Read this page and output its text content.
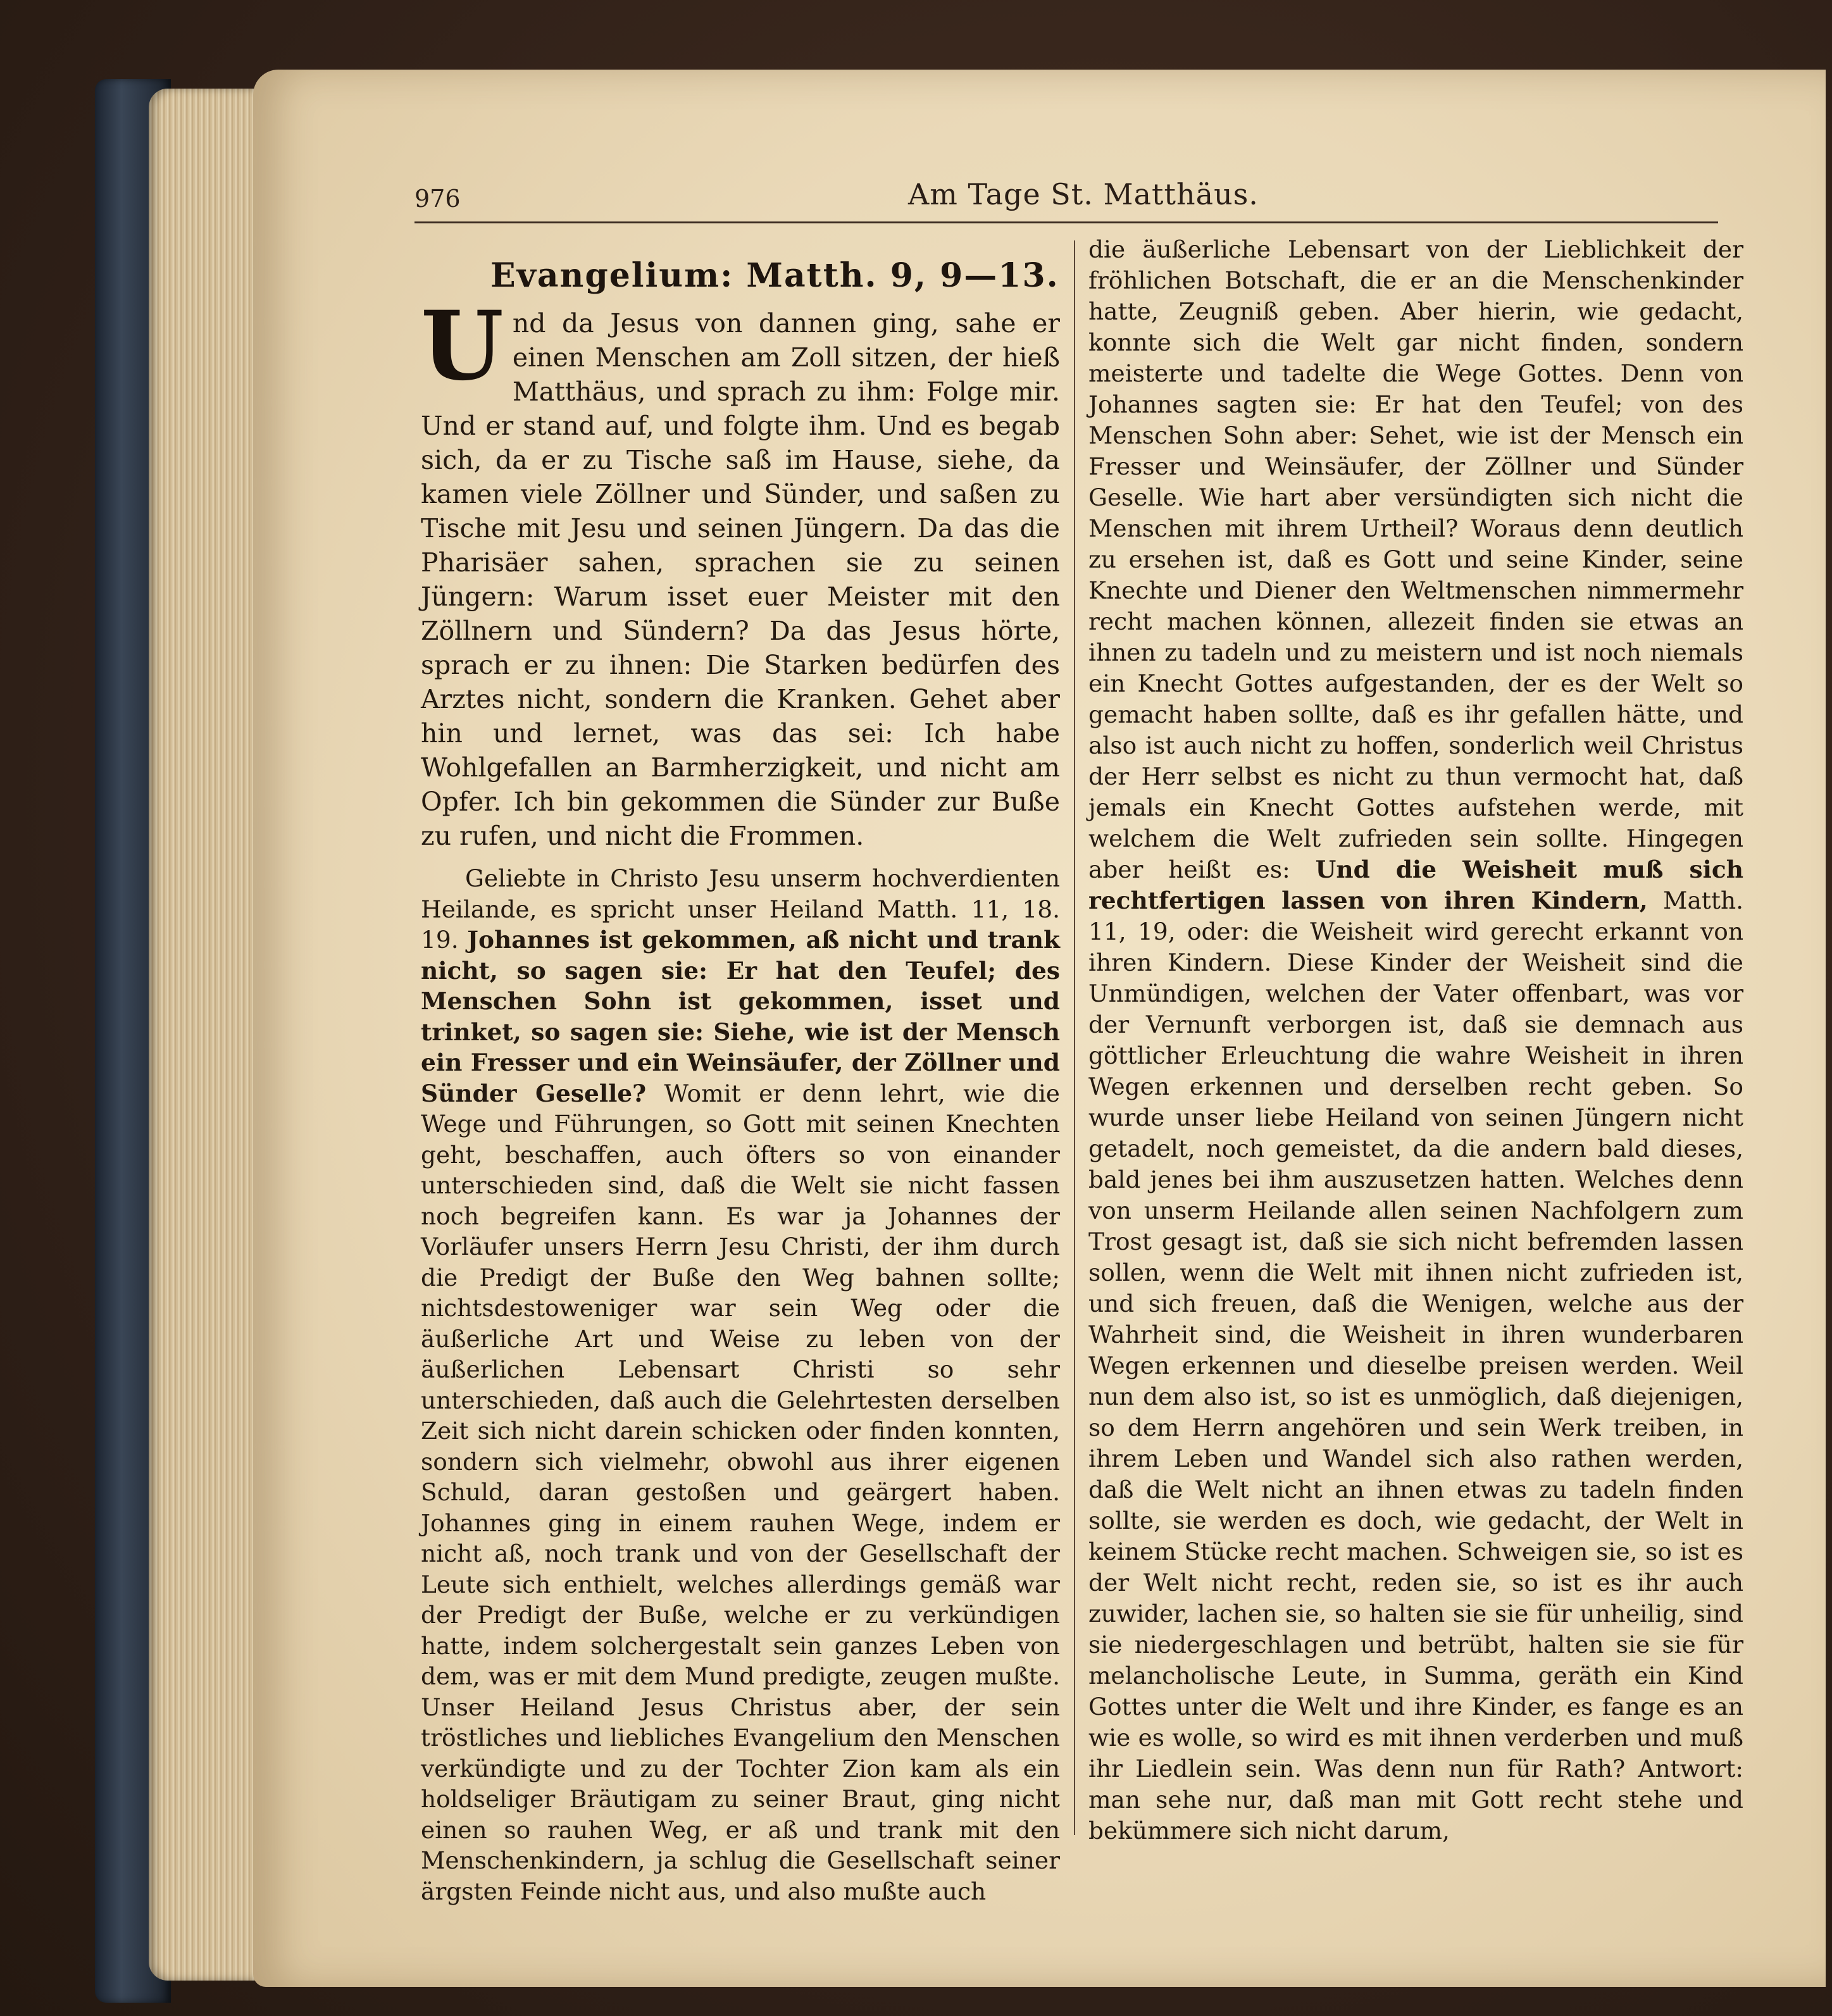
976	Am Tage St. Matthäus.
Evangelium: Matth. 9, 9—13.

Und da Jesus von dannen ging, sahe er einen Menschen am Zoll sitzen, der hieß Matthäus, und sprach zu ihm: Folge mir. Und er stand auf, und folgte ihm. Und es begab sich, da er zu Tische saß im Hause, siehe, da kamen viele Zöllner und Sünder, und saßen zu Tische mit Jesu und seinen Jüngern. Da das die Pharisäer sahen, sprachen sie zu seinen Jüngern: Warum isset euer Meister mit den Zöllnern und Sündern? Da das Jesus hörte, sprach er zu ihnen: Die Starken bedürfen des Arztes nicht, sondern die Kranken. Gehet aber hin und lernet, was das sei: Ich habe Wohlgefallen an Barmherzigkeit, und nicht am Opfer. Ich bin gekommen die Sünder zur Buße zu rufen, und nicht die Frommen.

Geliebte in Christo Jesu unserm hochverdienten Heilande, es spricht unser Heiland Matth. 11, 18. 19. Johannes ist gekommen, aß nicht und trank nicht, so sagen sie: Er hat den Teufel; des Menschen Sohn ist gekommen, isset und trinket, so sagen sie: Siehe, wie ist der Mensch ein Fresser und ein Weinsäufer, der Zöllner und Sünder Geselle? Womit er denn lehrt, wie die Wege und Führungen, so Gott mit seinen Knechten geht, beschaffen, auch öfters so von einander unterschieden sind, daß die Welt sie nicht fassen noch begreifen kann. Es war ja Johannes der Vorläufer unsers Herrn Jesu Christi, der ihm durch die Predigt der Buße den Weg bahnen sollte; nichtsdestoweniger war sein Weg oder die äußerliche Art und Weise zu leben von der äußerlichen Lebensart Christi so sehr unterschieden, daß auch die Gelehrtesten derselben Zeit sich nicht darein schicken oder finden konnten, sondern sich vielmehr, obwohl aus ihrer eigenen Schuld, daran gestoßen und geärgert haben. Johannes ging in einem rauhen Wege, indem er nicht aß, noch trank und von der Gesellschaft der Leute sich enthielt, welches allerdings gemäß war der Predigt der Buße, welche er zu verkündigen hatte, indem solchergestalt sein ganzes Leben von dem, was er mit dem Mund predigte, zeugen mußte. Unser Heiland Jesus Christus aber, der sein tröstliches und liebliches Evangelium den Menschen verkündigte und zu der Tochter Zion kam als ein holdseliger Bräutigam zu seiner Braut, ging nicht einen so rauhen Weg, er aß und trank mit den Menschenkindern, ja schlug die Gesellschaft seiner ärgsten Feinde nicht aus, und also mußte auch

die äußerliche Lebensart von der Lieblichkeit der fröhlichen Botschaft, die er an die Menschenkinder hatte, Zeugniß geben. Aber hierin, wie gedacht, konnte sich die Welt gar nicht finden, sondern meisterte und tadelte die Wege Gottes. Denn von Johannes sagten sie: Er hat den Teufel; von des Menschen Sohn aber: Sehet, wie ist der Mensch ein Fresser und Weinsäufer, der Zöllner und Sünder Geselle. Wie hart aber versündigten sich nicht die Menschen mit ihrem Urtheil? Woraus denn deutlich zu ersehen ist, daß es Gott und seine Kinder, seine Knechte und Diener den Weltmenschen nimmermehr recht machen können, allezeit finden sie etwas an ihnen zu tadeln und zu meistern und ist noch niemals ein Knecht Gottes aufgestanden, der es der Welt so gemacht haben sollte, daß es ihr gefallen hätte, und also ist auch nicht zu hoffen, sonderlich weil Christus der Herr selbst es nicht zu thun vermocht hat, daß jemals ein Knecht Gottes aufstehen werde, mit welchem die Welt zufrieden sein sollte. Hingegen aber heißt es: Und die Weisheit muß sich rechtfertigen lassen von ihren Kindern, Matth. 11, 19, oder: die Weisheit wird gerecht erkannt von ihren Kindern. Diese Kinder der Weisheit sind die Unmündigen, welchen der Vater offenbart, was vor der Vernunft verborgen ist, daß sie demnach aus göttlicher Erleuchtung die wahre Weisheit in ihren Wegen erkennen und derselben recht geben. So wurde unser liebe Heiland von seinen Jüngern nicht getadelt, noch gemeistet, da die andern bald dieses, bald jenes bei ihm auszusetzen hatten. Welches denn von unserm Heilande allen seinen Nachfolgern zum Trost gesagt ist, daß sie sich nicht befremden lassen sollen, wenn die Welt mit ihnen nicht zufrieden ist, und sich freuen, daß die Wenigen, welche aus der Wahrheit sind, die Weisheit in ihren wunderbaren Wegen erkennen und dieselbe preisen werden. Weil nun dem also ist, so ist es unmöglich, daß diejenigen, so dem Herrn angehören und sein Werk treiben, in ihrem Leben und Wandel sich also rathen werden, daß die Welt nicht an ihnen etwas zu tadeln finden sollte, sie werden es doch, wie gedacht, der Welt in keinem Stücke recht machen. Schweigen sie, so ist es der Welt nicht recht, reden sie, so ist es ihr auch zuwider, lachen sie, so halten sie sie für unheilig, sind sie niedergeschlagen und betrübt, halten sie sie für melancholische Leute, in Summa, geräth ein Kind Gottes unter die Welt und ihre Kinder, es fange es an wie es wolle, so wird es mit ihnen verderben und muß ihr Liedlein sein. Was denn nun für Rath? Antwort: man sehe nur, daß man mit Gott recht stehe und bekümmere sich nicht darum,
